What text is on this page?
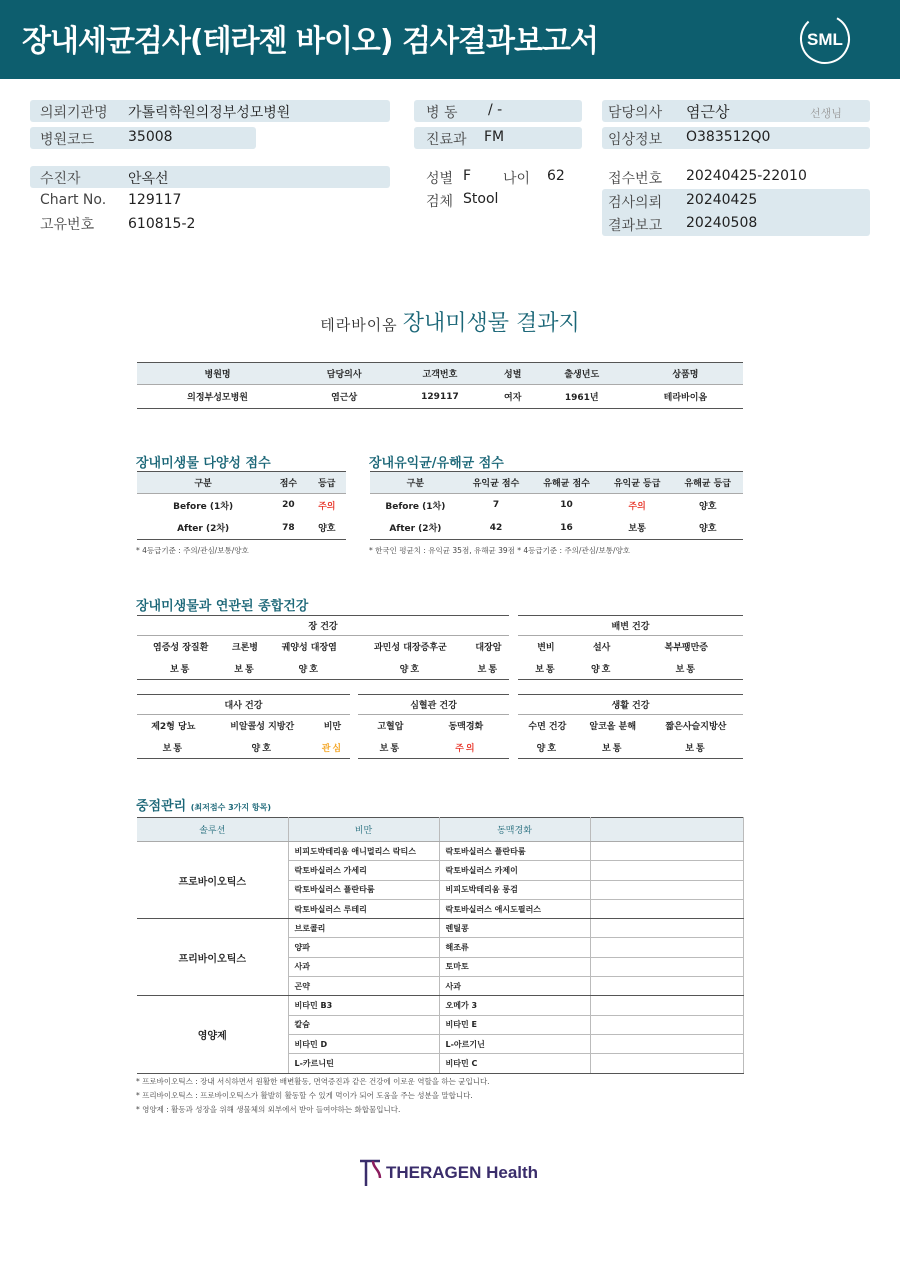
장내세균검사(테라젠 바이오) 검사결과보고서	SML
의뢰기관명 가톨릭학원의정부성모병원
병원코드 35008
병 동 / -
진료과 FM
담당의사 염근상	선생님
임상정보 O383512Q0
수진자	안옥선
Chart No. 129117
고유번호 610815-2
성별 F 나이 62
검체 Stool
접수번호 20240425-22010
검사의뢰 20240425
결과보고 20240508
테라바이옴 장내미생물 결과지
병원명	담당의사	고객번호	성별	출생년도	상품명
의정부성모병원	염근상	129117	여자	1961년	테라바이옴
장내미생물 다양성 점수
구분	점수	등급
Before (1차)	20	주의
After (2차)	78	양호
* 4등급기준 : 주의/관심/보통/양호
장내유익균/유해균 점수
구분	유익균 점수	유해균 점수	유익균 등급	유해균 등급
Before (1차)	7	10	주의	양호
After (2차)	42	16	보통	양호
* 한국인 평균치 : 유익균 35점, 유해균 39점 * 4등급기준 : 주의/관심/보통/양호
장내미생물과 연관된 종합건강
장 건강				
염증성 장질환	크론병	궤양성 대장염	과민성 대장증후군	대장암
보통	보통	양호	양호	보통
배변 건강		
변비	설사	복부팽만증
보통	양호	보통
대사 건강		
제2형 당뇨	비알콜성 지방간	비만
보통	양호	관심
심혈관 건강	
고혈압	동맥경화
보통	주의
생활 건강		
수면 건강	알코올 분해	짧은사슬지방산
양호	보통	보통
중점관리 (최저점수 3가지 항목)
솔루션	비만	동맥경화	
프로바이오틱스	비피도박테리움 애니멀리스 락티스	락토바실러스 플란타룸	
	락토바실러스 가세리	락토바실러스 카제이	
	락토바실러스 플란타룸	비피도박테리움 롱검	
	락토바실러스 루테리	락토바실러스 애시도필러스	
프리바이오틱스	브로콜리	렌틸콩	
	양파	해조류	
	사과	토마토	
	곤약	사과	
영양제	비타민 B3	오메가 3	
	칼슘	비타민 E	
	비타민 D	L-아르기닌	
	L-카르니틴	비타민 C	
* 프로바이오틱스 : 장내 서식하면서 원활한 배변활동, 면역증진과 같은 건강에 이로운 역할을 하는 균입니다.
* 프리바이오틱스 : 프로바이오틱스가 활발히 활동할 수 있게 먹이가 되어 도움을 주는 성분을 말합니다.
* 영양제 : 활동과 성장을 위해 생물체의 외부에서 받아 들여야하는 화합물입니다.
THERAGEN Health
